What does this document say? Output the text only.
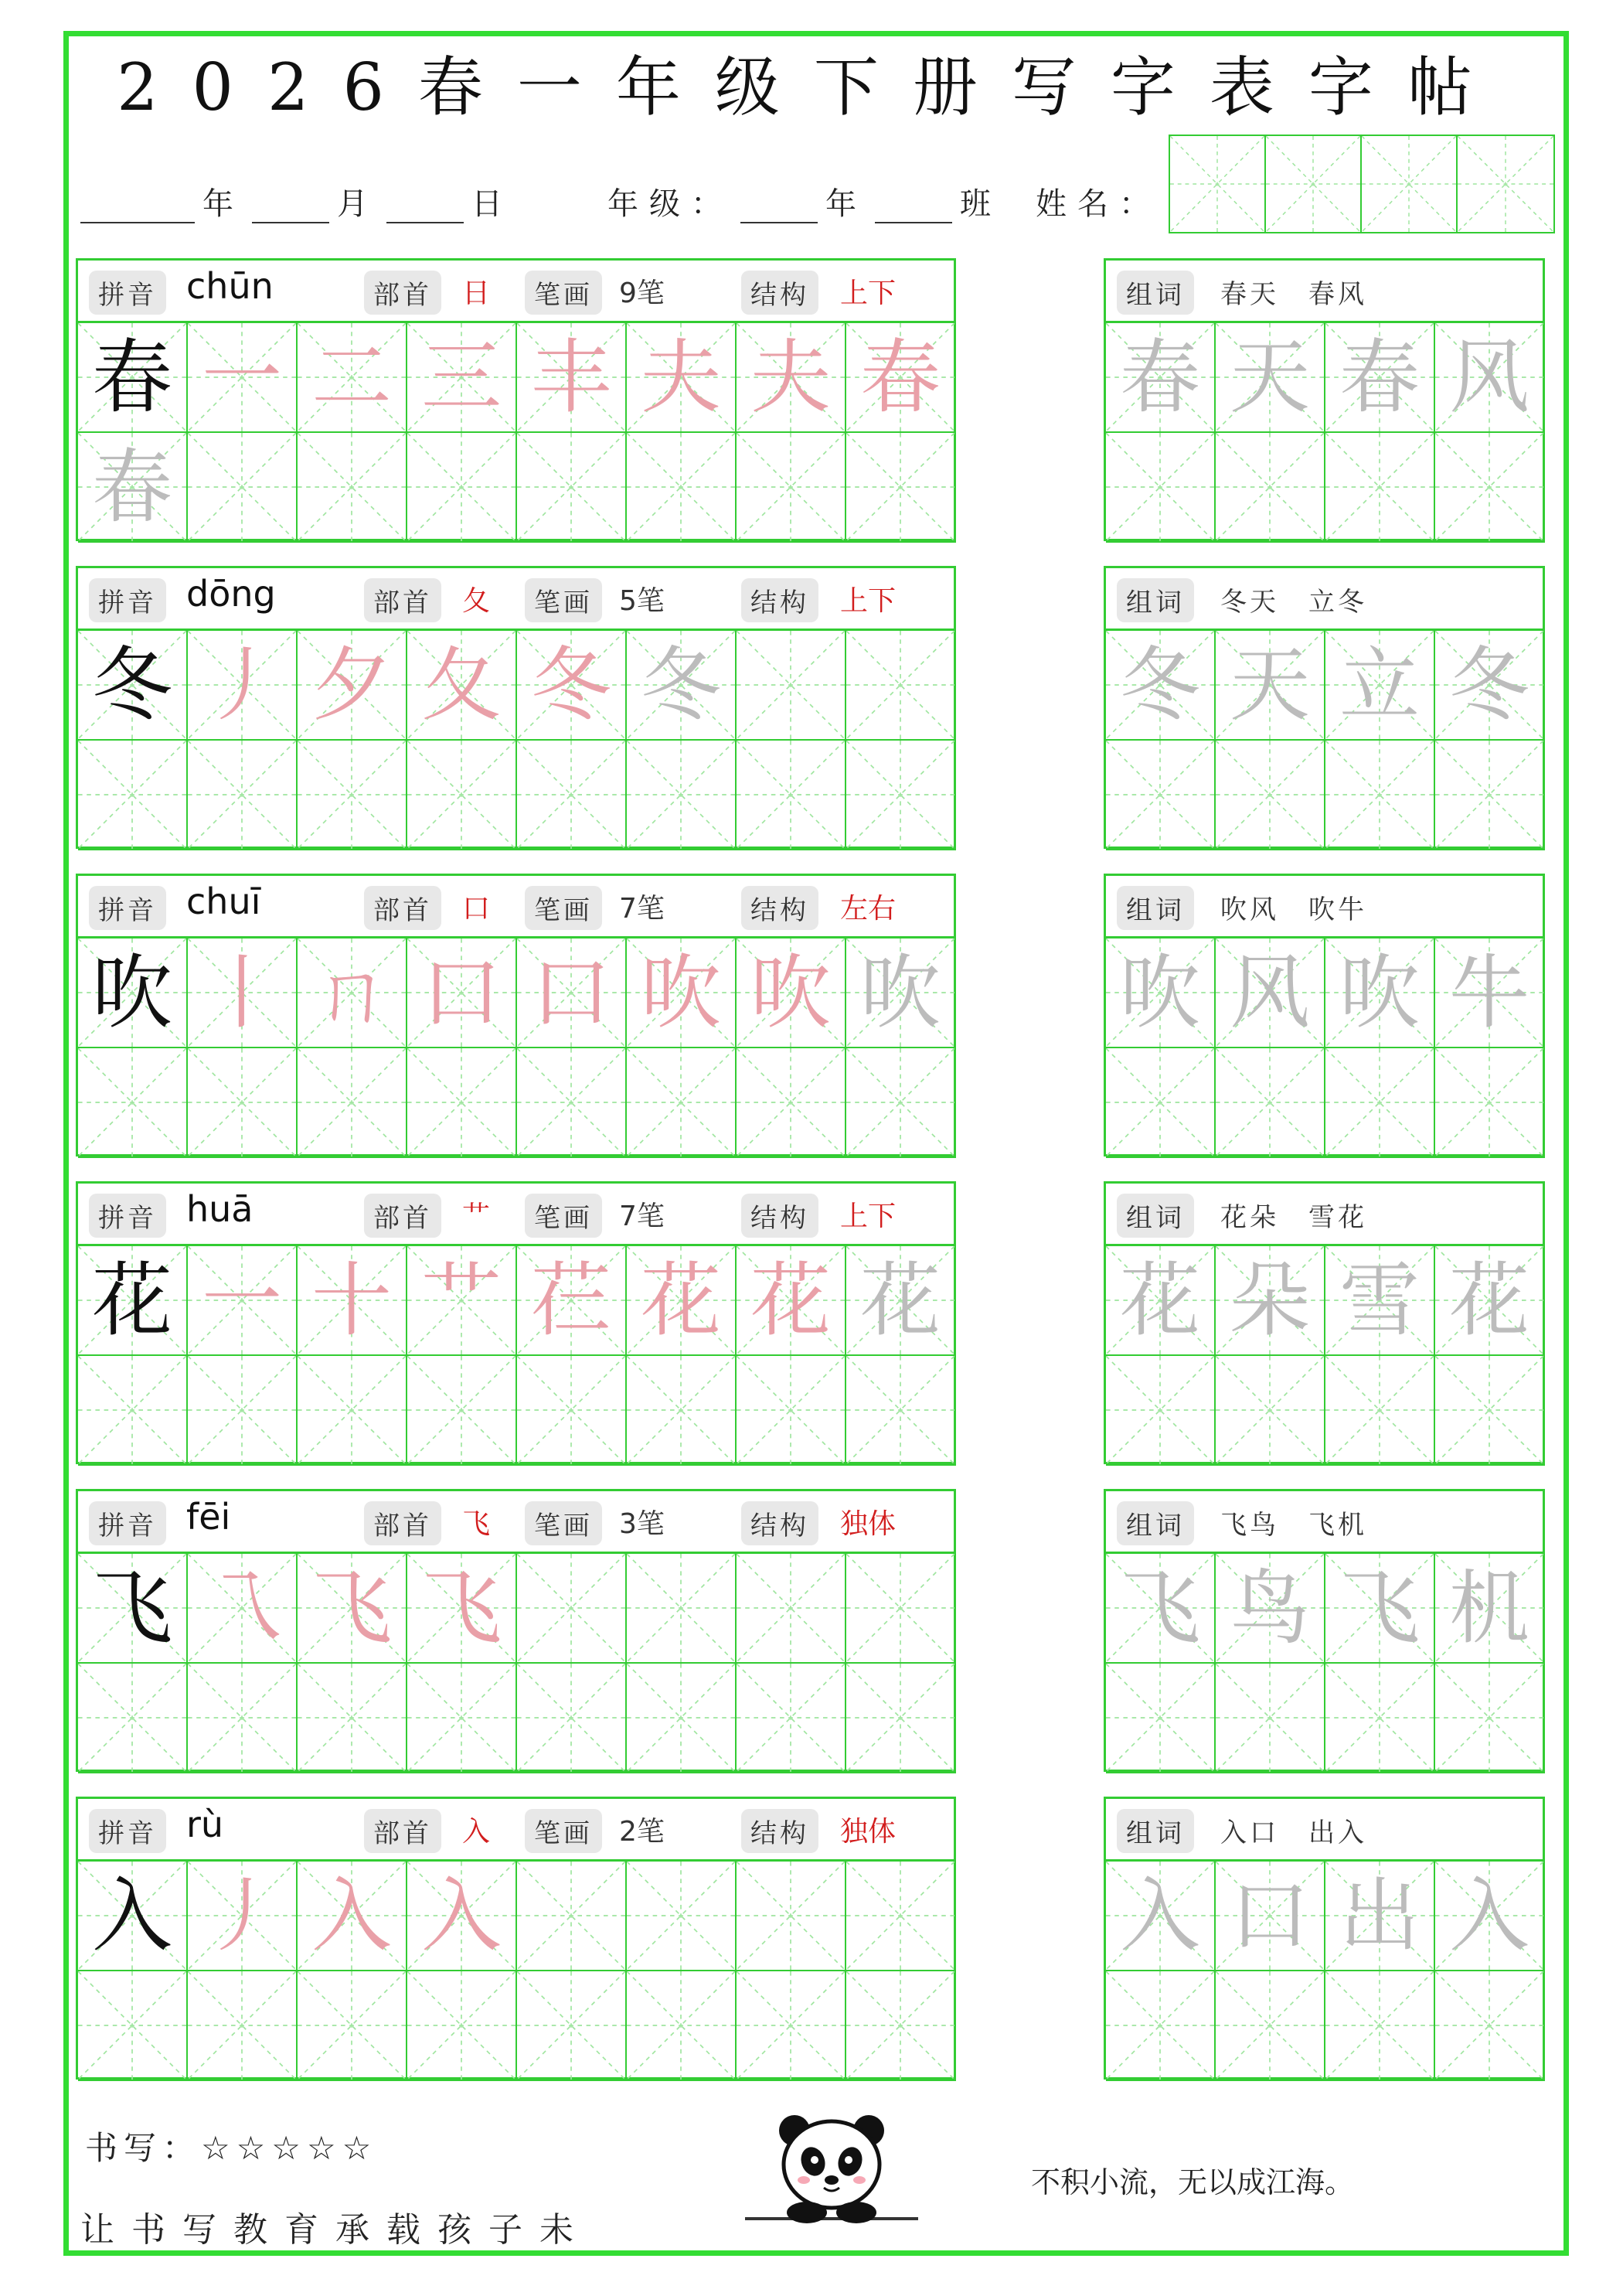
2026春一年级下册写字表字帖
年	月	日	年级：	年	班 姓名：
拼音 chūn	部首	日	笔画 9笔	结构	上下
春 一 二 三 丰 夫 夫 春
春
组词	春天　春风
春 天 春 风
拼音 dōng	部首	夂	笔画 5笔	结构	上下
冬 丿 夕 夂 冬 冬
组词	冬天　立冬
冬 天 立 冬
拼音 chuī	部首	口	笔画 7笔	结构	左右
吹 丨 ㄇ 口 口 吹 吹 吹
组词	吹风　吹牛
吹 风 吹 牛
拼音 huā	部首	艹	笔画 7笔	结构	上下
花 一 十 艹 芢 花 花 花
组词	花朵　雪花
花 朵 雪 花
拼音 fēi	部首	飞	笔画 3笔	结构	独体
飞 乁 飞 飞
组词	飞鸟　飞机
飞 鸟 飞 机
拼音 rù	部首	入	笔画 2笔	结构	独体
入 丿 入 入
组词	入口　出入
入 口 出 入
书写：☆☆☆☆☆
让书写教育承载孩子未
不积小流，无以成江海。
